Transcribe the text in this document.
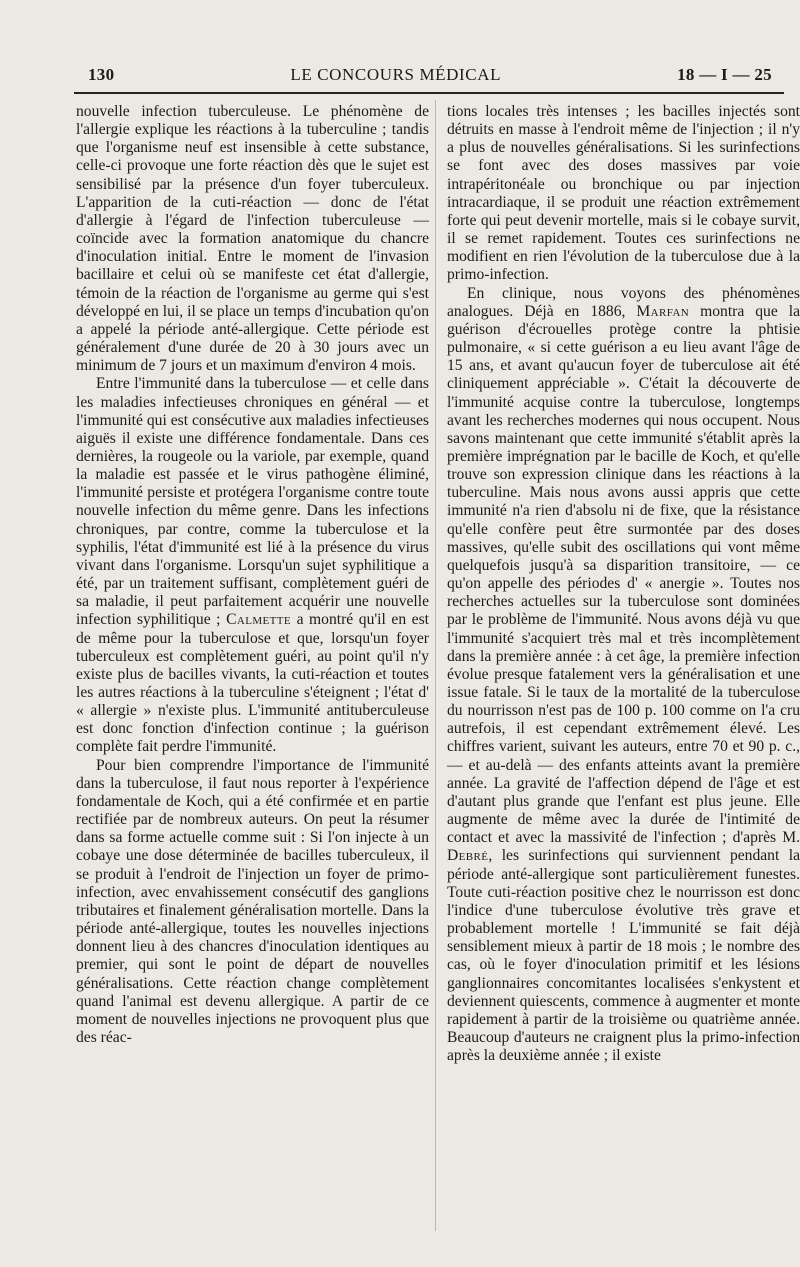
130	LE CONCOURS MÉDICAL	18 — I — 25

nouvelle infection tuberculeuse. Le phénomène de l'allergie explique les réactions à la tuberculine ; tandis que l'organisme neuf est insensible à cette substance, celle-ci provoque une forte réaction dès que le sujet est sensibilisé par la présence d'un foyer tuberculeux. L'apparition de la cuti-réaction — donc de l'état d'allergie à l'égard de l'infection tuberculeuse — coïncide avec la formation anatomique du chancre d'inoculation initial. Entre le moment de l'invasion bacillaire et celui où se manifeste cet état d'allergie, témoin de la réaction de l'organisme au germe qui s'est développé en lui, il se place un temps d'incubation qu'on a appelé la période anté-allergique. Cette période est généralement d'une durée de 20 à 30 jours avec un minimum de 7 jours et un maximum d'environ 4 mois.

Entre l'immunité dans la tuberculose — et celle dans les maladies infectieuses chroniques en général — et l'immunité qui est consécutive aux maladies infectieuses aiguës il existe une différence fondamentale. Dans ces dernières, la rougeole ou la variole, par exemple, quand la maladie est passée et le virus pathogène éliminé, l'immunité persiste et protégera l'organisme contre toute nouvelle infection du même genre. Dans les infections chroniques, par contre, comme la tuberculose et la syphilis, l'état d'immunité est lié à la présence du virus vivant dans l'organisme. Lorsqu'un sujet syphilitique a été, par un traitement suffisant, complètement guéri de sa maladie, il peut parfaitement acquérir une nouvelle infection syphilitique ; Calmette a montré qu'il en est de même pour la tuberculose et que, lorsqu'un foyer tuberculeux est complètement guéri, au point qu'il n'y existe plus de bacilles vivants, la cuti-réaction et toutes les autres réactions à la tuberculine s'éteignent ; l'état d' « allergie » n'existe plus. L'immunité antituberculeuse est donc fonction d'infection continue ; la guérison complète fait perdre l'immunité.

Pour bien comprendre l'importance de l'immunité dans la tuberculose, il faut nous reporter à l'expérience fondamentale de Koch, qui a été confirmée et en partie rectifiée par de nombreux auteurs. On peut la résumer dans sa forme actuelle comme suit : Si l'on injecte à un cobaye une dose déterminée de bacilles tuberculeux, il se produit à l'endroit de l'injection un foyer de primo-infection, avec envahissement consécutif des ganglions tributaires et finalement généralisation mortelle. Dans la période anté-allergique, toutes les nouvelles injections donnent lieu à des chancres d'inoculation identiques au premier, qui sont le point de départ de nouvelles généralisations. Cette réaction change complètement quand l'animal est devenu allergique. A partir de ce moment de nouvelles injections ne provoquent plus que des réac-

tions locales très intenses ; les bacilles injectés sont détruits en masse à l'endroit même de l'injection ; il n'y a plus de nouvelles généralisations. Si les surinfections se font avec des doses massives par voie intrapéritonéale ou bronchique ou par injection intracardiaque, il se produit une réaction extrêmement forte qui peut devenir mortelle, mais si le cobaye survit, il se remet rapidement. Toutes ces surinfections ne modifient en rien l'évolution de la tuberculose due à la primo-infection.

En clinique, nous voyons des phénomènes analogues. Déjà en 1886, Marfan montra que la guérison d'écrouelles protège contre la phtisie pulmonaire, « si cette guérison a eu lieu avant l'âge de 15 ans, et avant qu'aucun foyer de tuberculose ait été cliniquement appréciable ». C'était la découverte de l'immunité acquise contre la tuberculose, longtemps avant les recherches modernes qui nous occupent. Nous savons maintenant que cette immunité s'établit après la première imprégnation par le bacille de Koch, et qu'elle trouve son expression clinique dans les réactions à la tuberculine. Mais nous avons aussi appris que cette immunité n'a rien d'absolu ni de fixe, que la résistance qu'elle confère peut être surmontée par des doses massives, qu'elle subit des oscillations qui vont même quelquefois jusqu'à sa disparition transitoire, — ce qu'on appelle des périodes d' « anergie ». Toutes nos recherches actuelles sur la tuberculose sont dominées par le problème de l'immunité. Nous avons déjà vu que l'immunité s'acquiert très mal et très incomplètement dans la première année : à cet âge, la première infection évolue presque fatalement vers la généralisation et une issue fatale. Si le taux de la mortalité de la tuberculose du nourrisson n'est pas de 100 p. 100 comme on l'a cru autrefois, il est cependant extrêmement élevé. Les chiffres varient, suivant les auteurs, entre 70 et 90 p. c., — et au-delà — des enfants atteints avant la première année. La gravité de l'affection dépend de l'âge et est d'autant plus grande que l'enfant est plus jeune. Elle augmente de même avec la durée de l'intimité de contact et avec la massivité de l'infection ; d'après M. Debré, les surinfections qui surviennent pendant la période anté-allergique sont particulièrement funestes. Toute cuti-réaction positive chez le nourrisson est donc l'indice d'une tuberculose évolutive très grave et probablement mortelle ! L'immunité se fait déjà sensiblement mieux à partir de 18 mois ; le nombre des cas, où le foyer d'inoculation primitif et les lésions ganglionnaires concomitantes localisées s'enkystent et deviennent quiescents, commence à augmenter et monte rapidement à partir de la troisième ou quatrième année. Beaucoup d'auteurs ne craignent plus la primo-infection après la deuxième année ; il existe
